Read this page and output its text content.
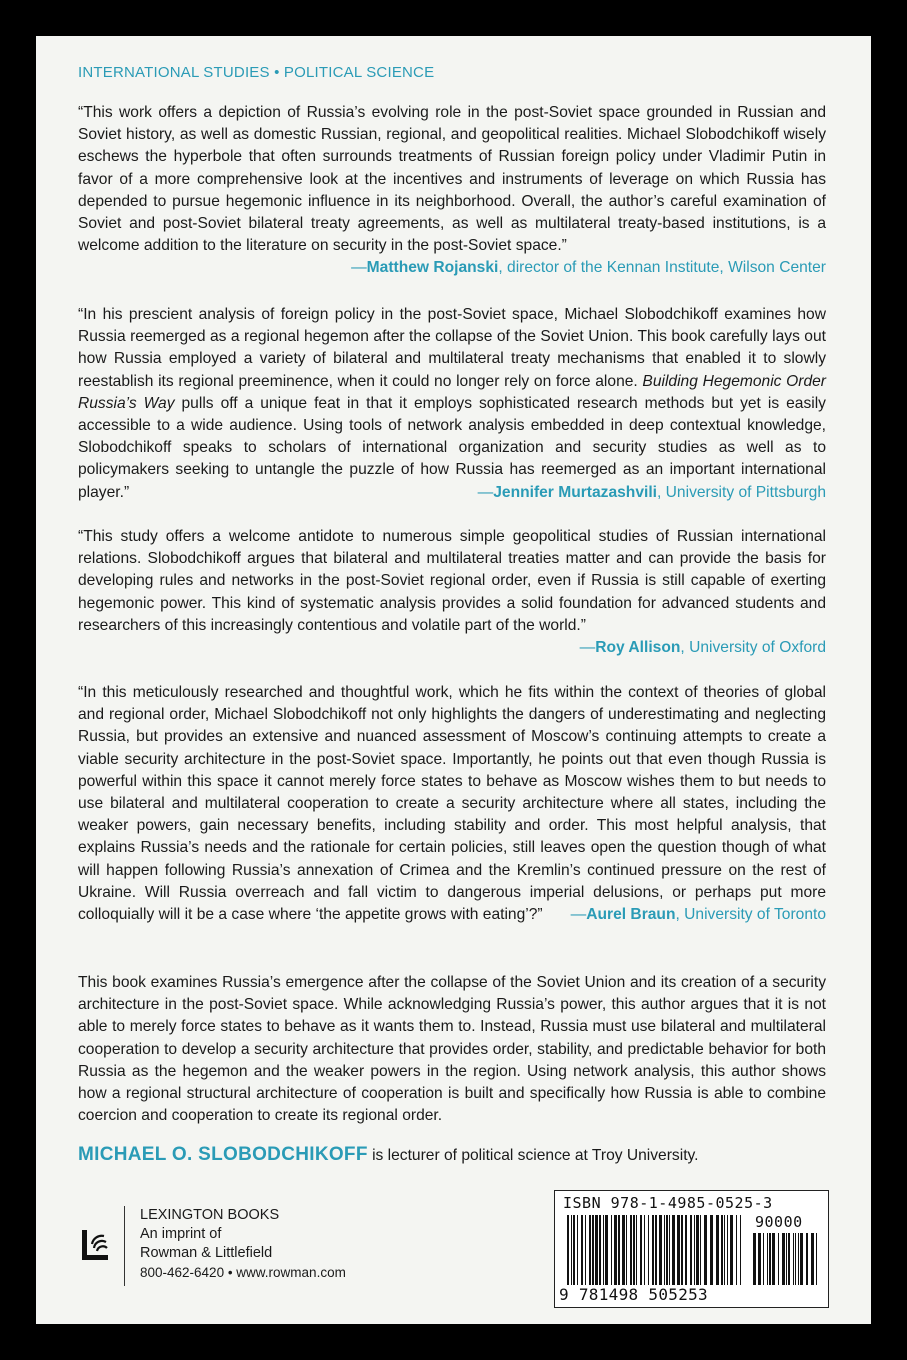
INTERNATIONAL STUDIES • POLITICAL SCIENCE

“This work offers a depiction of Russia’s evolving role in the post-Soviet space grounded in Russian and Soviet history, as well as domestic Russian, regional, and geopolitical realities. Michael Slobodchikoff wisely eschews the hyperbole that often surrounds treatments of Russian foreign policy under Vladimir Putin in favor of a more comprehensive look at the incentives and instruments of leverage on which Russia has depended to pursue hegemonic influence in its neighborhood. Overall, the author’s careful examination of Soviet and post-Soviet bilateral treaty agreements, as well as multilateral treaty-based institutions, is a welcome addition to the literature on security in the post-Soviet space.”
—Matthew Rojanski, director of the Kennan Institute, Wilson Center

“In his prescient analysis of foreign policy in the post-Soviet space, Michael Slobodchikoff examines how Russia reemerged as a regional hegemon after the collapse of the Soviet Union. This book carefully lays out how Russia employed a variety of bilateral and multilateral treaty mechanisms that enabled it to slowly reestablish its regional preeminence, when it could no longer rely on force alone. Building Hegemonic Order Russia’s Way pulls off a unique feat in that it employs sophisticated research methods but yet is easily accessible to a wide audience. Using tools of network analysis embedded in deep contextual knowledge, Slobodchikoff speaks to scholars of international organization and security studies as well as to policymakers seeking to untangle the puzzle of how Russia has reemerged as an important international player.”	—Jennifer Murtazashvili, University of Pittsburgh

“This study offers a welcome antidote to numerous simple geopolitical studies of Russian international relations. Slobodchikoff argues that bilateral and multilateral treaties matter and can provide the basis for developing rules and networks in the post-Soviet regional order, even if Russia is still capable of exerting hegemonic power. This kind of systematic analysis provides a solid foundation for advanced students and researchers of this increasingly contentious and volatile part of the world.”
—Roy Allison, University of Oxford

“In this meticulously researched and thoughtful work, which he fits within the context of theories of global and regional order, Michael Slobodchikoff not only highlights the dangers of underestimating and neglecting Russia, but provides an extensive and nuanced assessment of Moscow’s continuing attempts to create a viable security architecture in the post-Soviet space. Importantly, he points out that even though Russia is powerful within this space it cannot merely force states to behave as Moscow wishes them to but needs to use bilateral and multilateral cooperation to create a security architecture where all states, including the weaker powers, gain necessary benefits, including stability and order. This most helpful analysis, that explains Russia’s needs and the rationale for certain policies, still leaves open the question though of what will happen following Russia’s annexation of Crimea and the Kremlin’s continued pressure on the rest of Ukraine. Will Russia overreach and fall victim to dangerous imperial delusions, or perhaps put more colloquially will it be a case where ‘the appetite grows with eating’?” —Aurel Braun, University of Toronto

This book examines Russia’s emergence after the collapse of the Soviet Union and its creation of a security architecture in the post-Soviet space. While acknowledging Russia’s power, this author argues that it is not able to merely force states to behave as it wants them to. Instead, Russia must use bilateral and multilateral cooperation to develop a security architecture that provides order, stability, and predictable behavior for both Russia as the hegemon and the weaker powers in the region. Using network analysis, this author shows how a regional structural architecture of cooperation is built and specifically how Russia is able to combine coercion and cooperation to create its regional order.

MICHAEL O. SLOBODCHIKOFF is lecturer of political science at Troy University.
LEXINGTON BOOKS
An imprint of
Rowman & Littlefield
800-462-6420 • www.rowman.com
ISBN 978-1-4985-0525-3
90000
9 781498 505253
